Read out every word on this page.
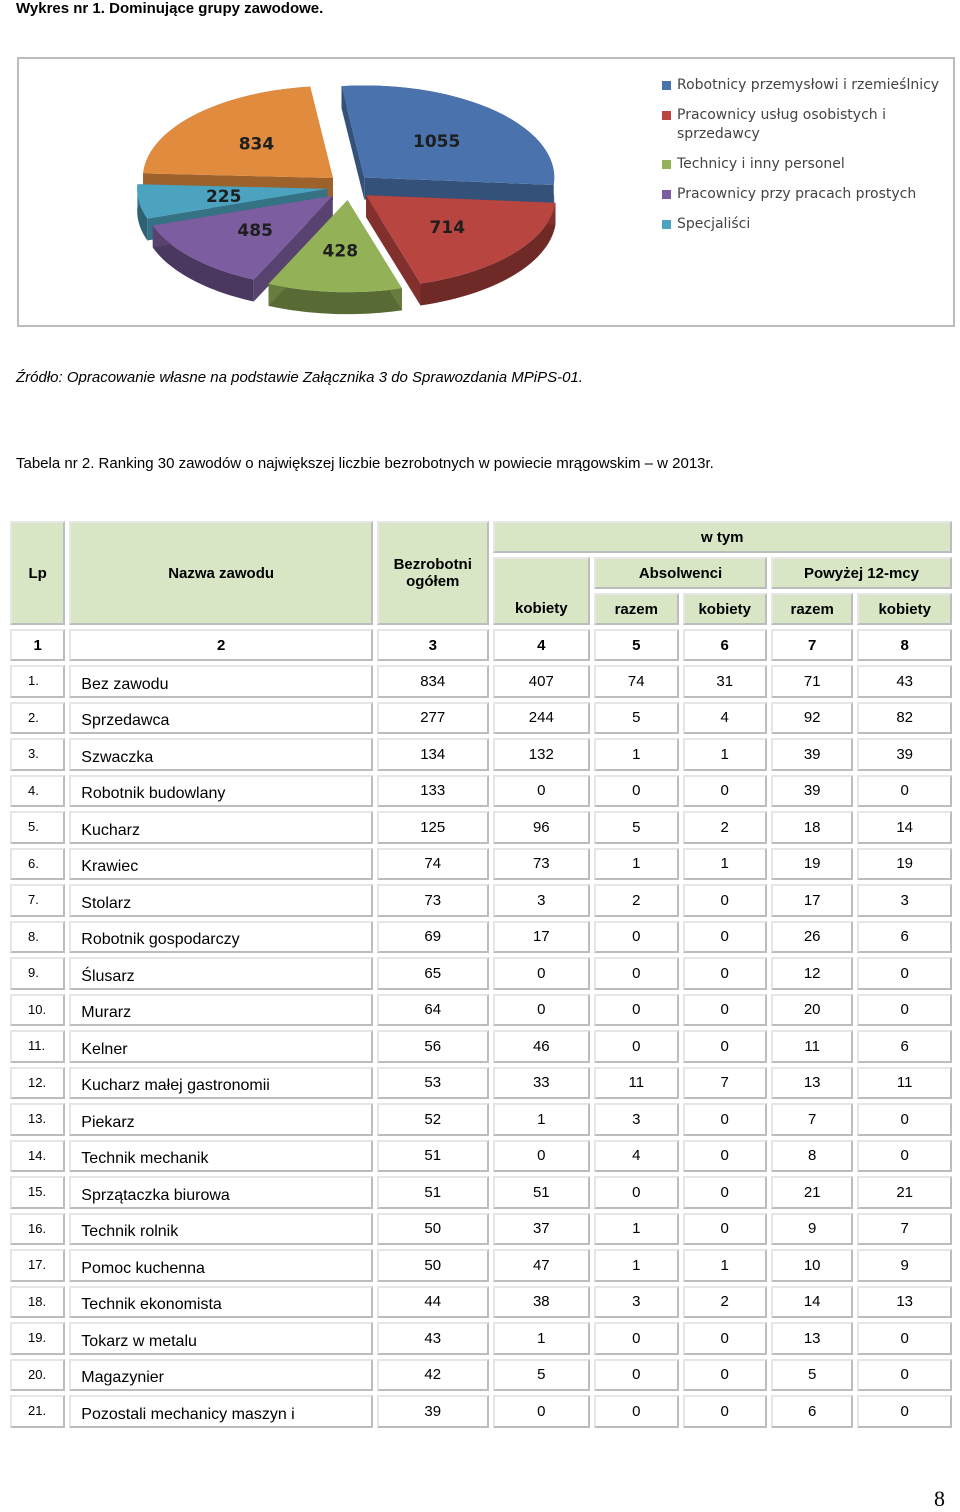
Wykres nr 1. Dominujące grupy zawodowe.
1055
834
225
714
485
428
Robotnicy przemysłowi i rzemieślnicy
Pracownicy usług osobistych i sprzedawcy
Technicy i inny personel
Pracownicy przy pracach prostych
Specjaliści
Źródło: Opracowanie własne na podstawie Załącznika 3 do Sprawozdania MPiPS-01.
Tabela nr 2. Ranking 30 zawodów o największej liczbie bezrobotnych w powiecie mrągowskim – w 2013r.
Lp	Nazwa zawodu	Bezrobotni ogółem	w tym				
			kobiety	Absolwenci		Powyżej 12-mcy	
				razem	kobiety	razem	kobiety
1	2	3	4	5	6	7	8
1.	Bez zawodu	834	407	74	31	71	43
2.	Sprzedawca	277	244	5	4	92	82
3.	Szwaczka	134	132	1	1	39	39
4.	Robotnik budowlany	133	0	0	0	39	0
5.	Kucharz	125	96	5	2	18	14
6.	Krawiec	74	73	1	1	19	19
7.	Stolarz	73	3	2	0	17	3
8.	Robotnik gospodarczy	69	17	0	0	26	6
9.	Ślusarz	65	0	0	0	12	0
10.	Murarz	64	0	0	0	20	0
11.	Kelner	56	46	0	0	11	6
12.	Kucharz małej gastronomii	53	33	11	7	13	11
13.	Piekarz	52	1	3	0	7	0
14.	Technik mechanik	51	0	4	0	8	0
15.	Sprzątaczka biurowa	51	51	0	0	21	21
16.	Technik rolnik	50	37	1	0	9	7
17.	Pomoc kuchenna	50	47	1	1	10	9
18.	Technik ekonomista	44	38	3	2	14	13
19.	Tokarz w metalu	43	1	0	0	13	0
20.	Magazynier	42	5	0	0	5	0
21.	Pozostali mechanicy maszyn i	39	0	0	0	6	0
8
